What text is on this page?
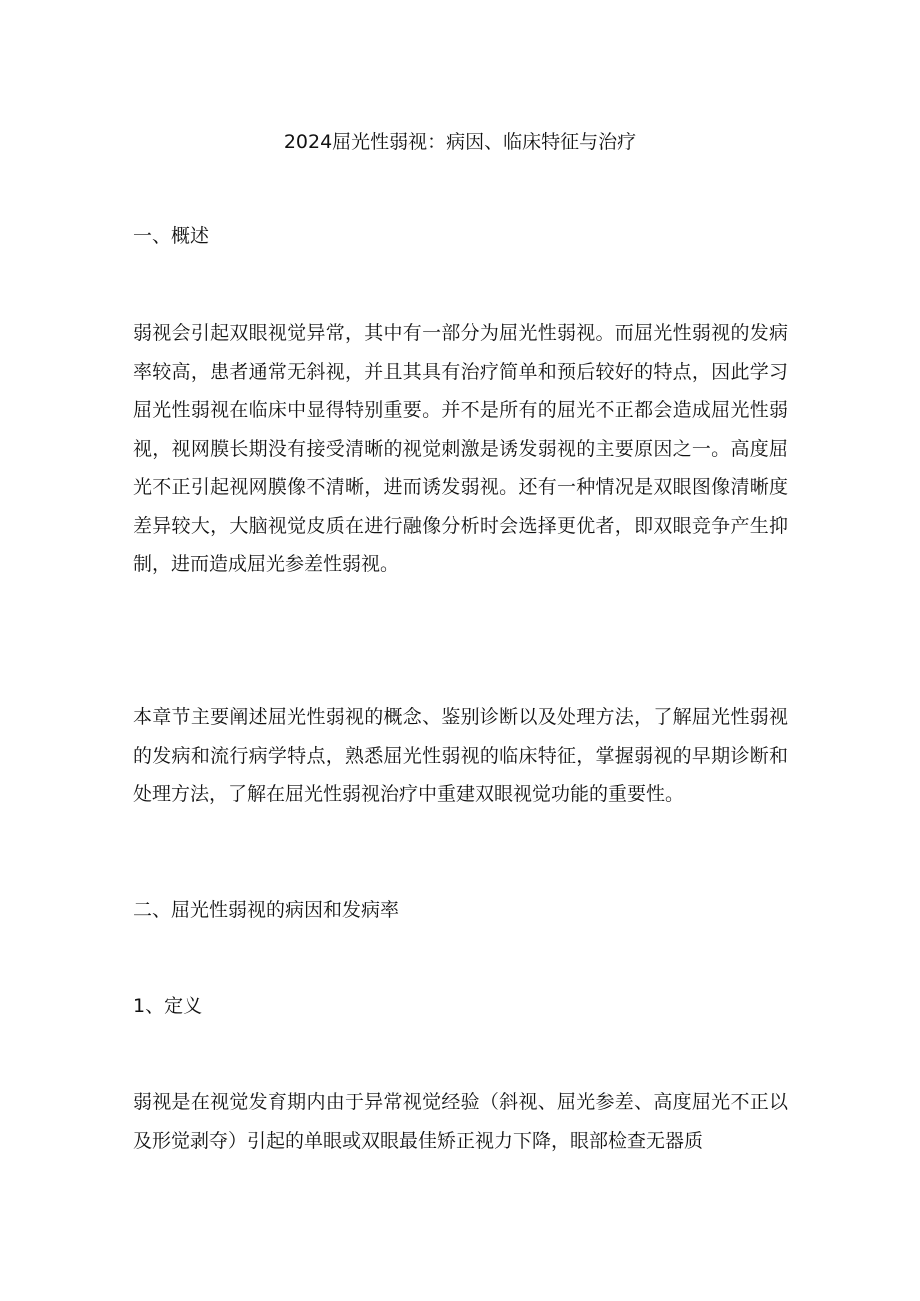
2024屈光性弱视：病因、临床特征与治疗
一、概述

弱视会引起双眼视觉异常，其中有一部分为屈光性弱视。而屈光性弱视的发病率较高，患者通常无斜视，并且其具有治疗简单和预后较好的特点，因此学习屈光性弱视在临床中显得特别重要。并不是所有的屈光不正都会造成屈光性弱视，视网膜长期没有接受清晰的视觉刺激是诱发弱视的主要原因之一。高度屈光不正引起视网膜像不清晰，进而诱发弱视。还有一种情况是双眼图像清晰度差异较大，大脑视觉皮质在进行融像分析时会选择更优者，即双眼竞争产生抑制，进而造成屈光参差性弱视。

本章节主要阐述屈光性弱视的概念、鉴别诊断以及处理方法，了解屈光性弱视的发病和流行病学特点，熟悉屈光性弱视的临床特征，掌握弱视的早期诊断和处理方法，了解在屈光性弱视治疗中重建双眼视觉功能的重要性。

二、屈光性弱视的病因和发病率
1、定义

弱视是在视觉发育期内由于异常视觉经验（斜视、屈光参差、高度屈光不正以及形觉剥夺）引起的单眼或双眼最佳矫正视力下降，眼部检查无器质
